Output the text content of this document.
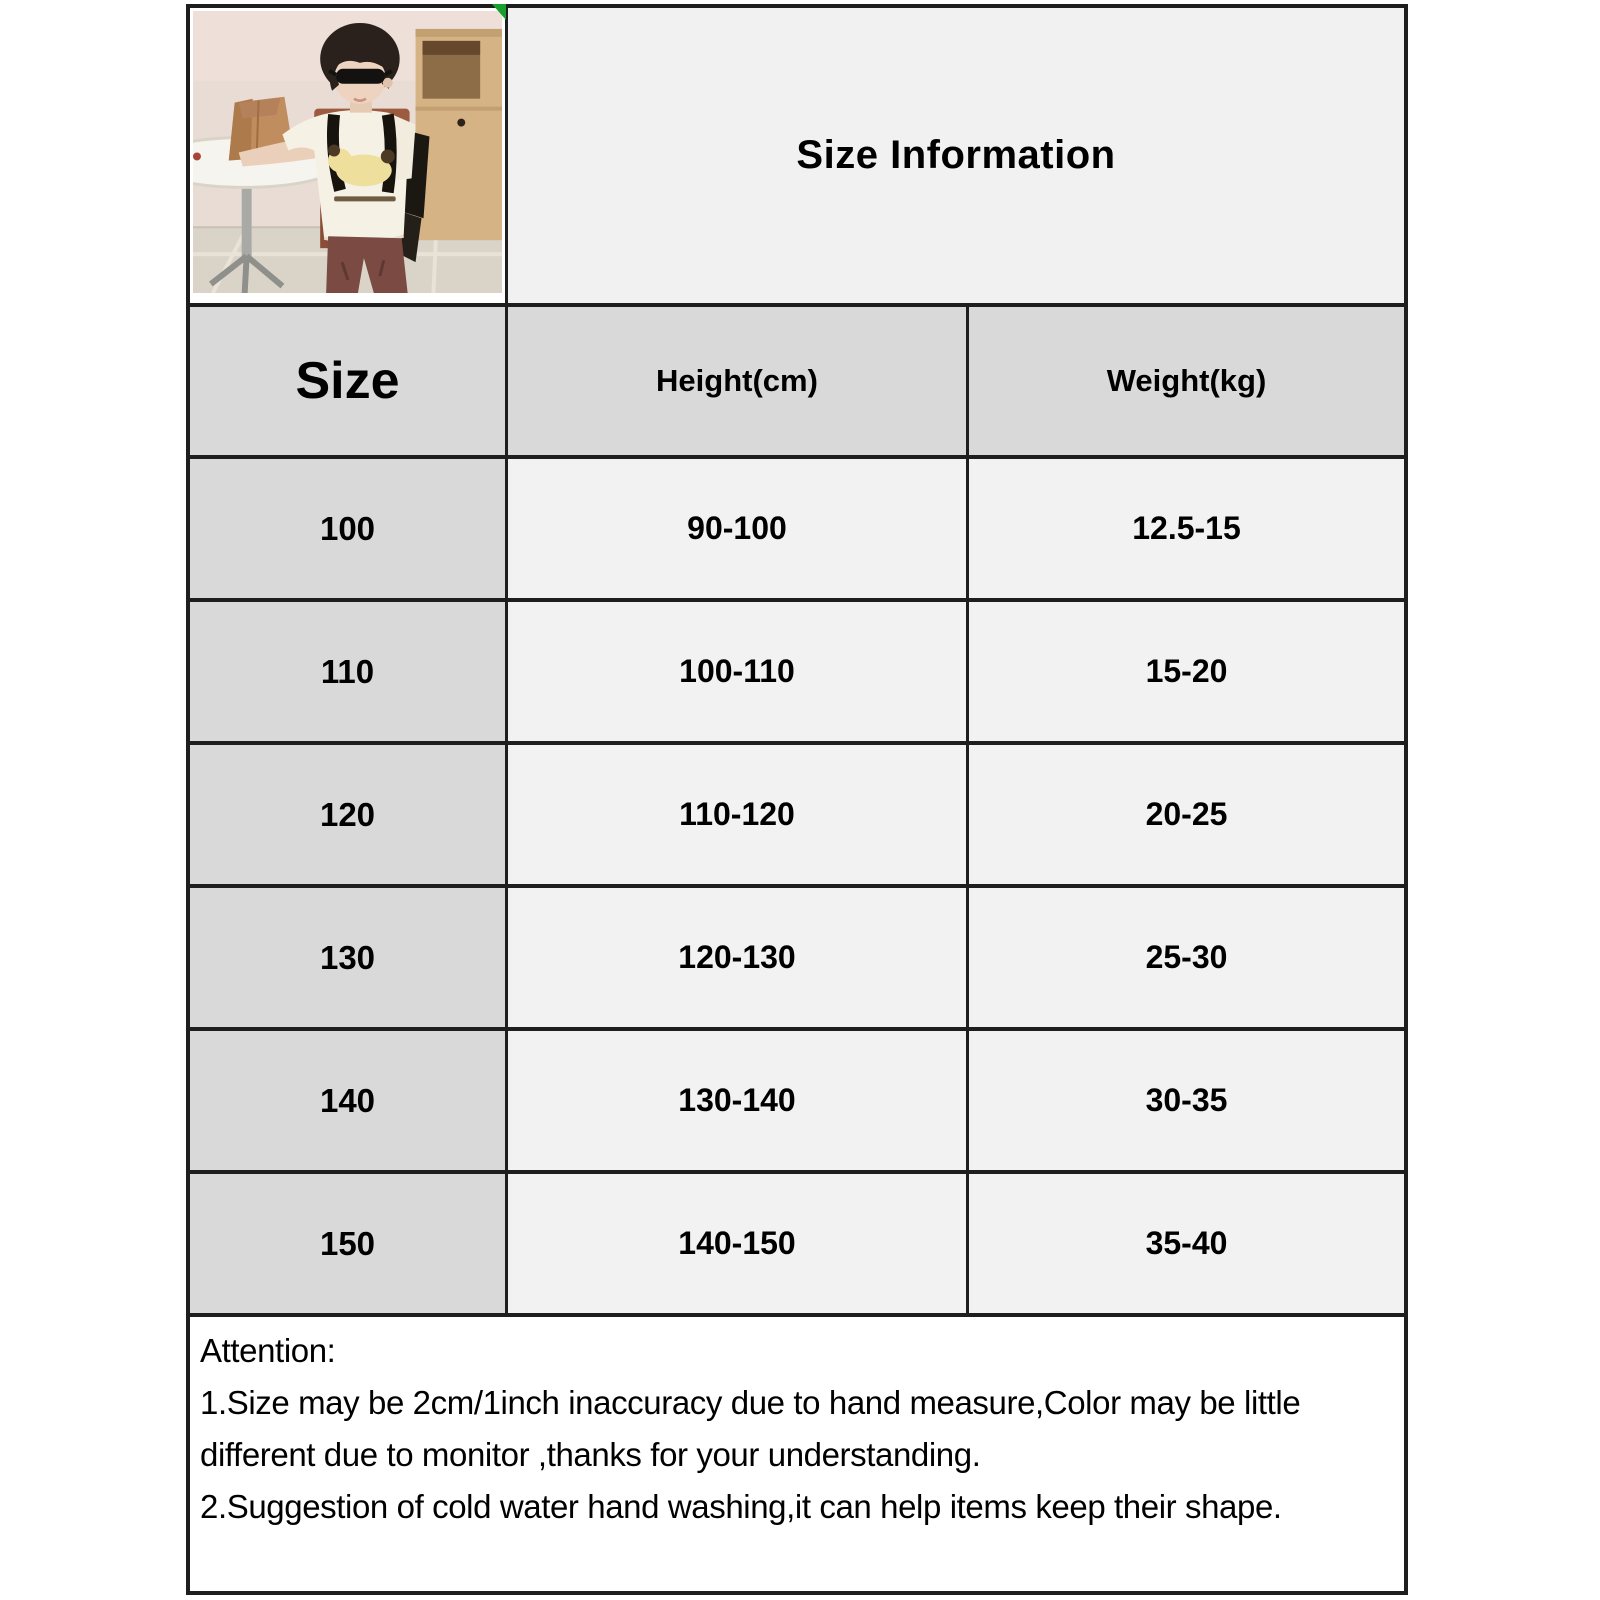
Size Information
Size	Height(cm)	Weight(kg)
100	90-100	12.5-15
110	100-110	15-20
120	110-120	20-25
130	120-130	25-30
140	130-140	30-35
150	140-150	35-40
Attention:
1.Size may be 2cm/1inch inaccuracy due to hand measure,Color may be little different due to monitor ,thanks for your understanding.
2.Suggestion of cold water hand washing,it can help items keep their shape.
